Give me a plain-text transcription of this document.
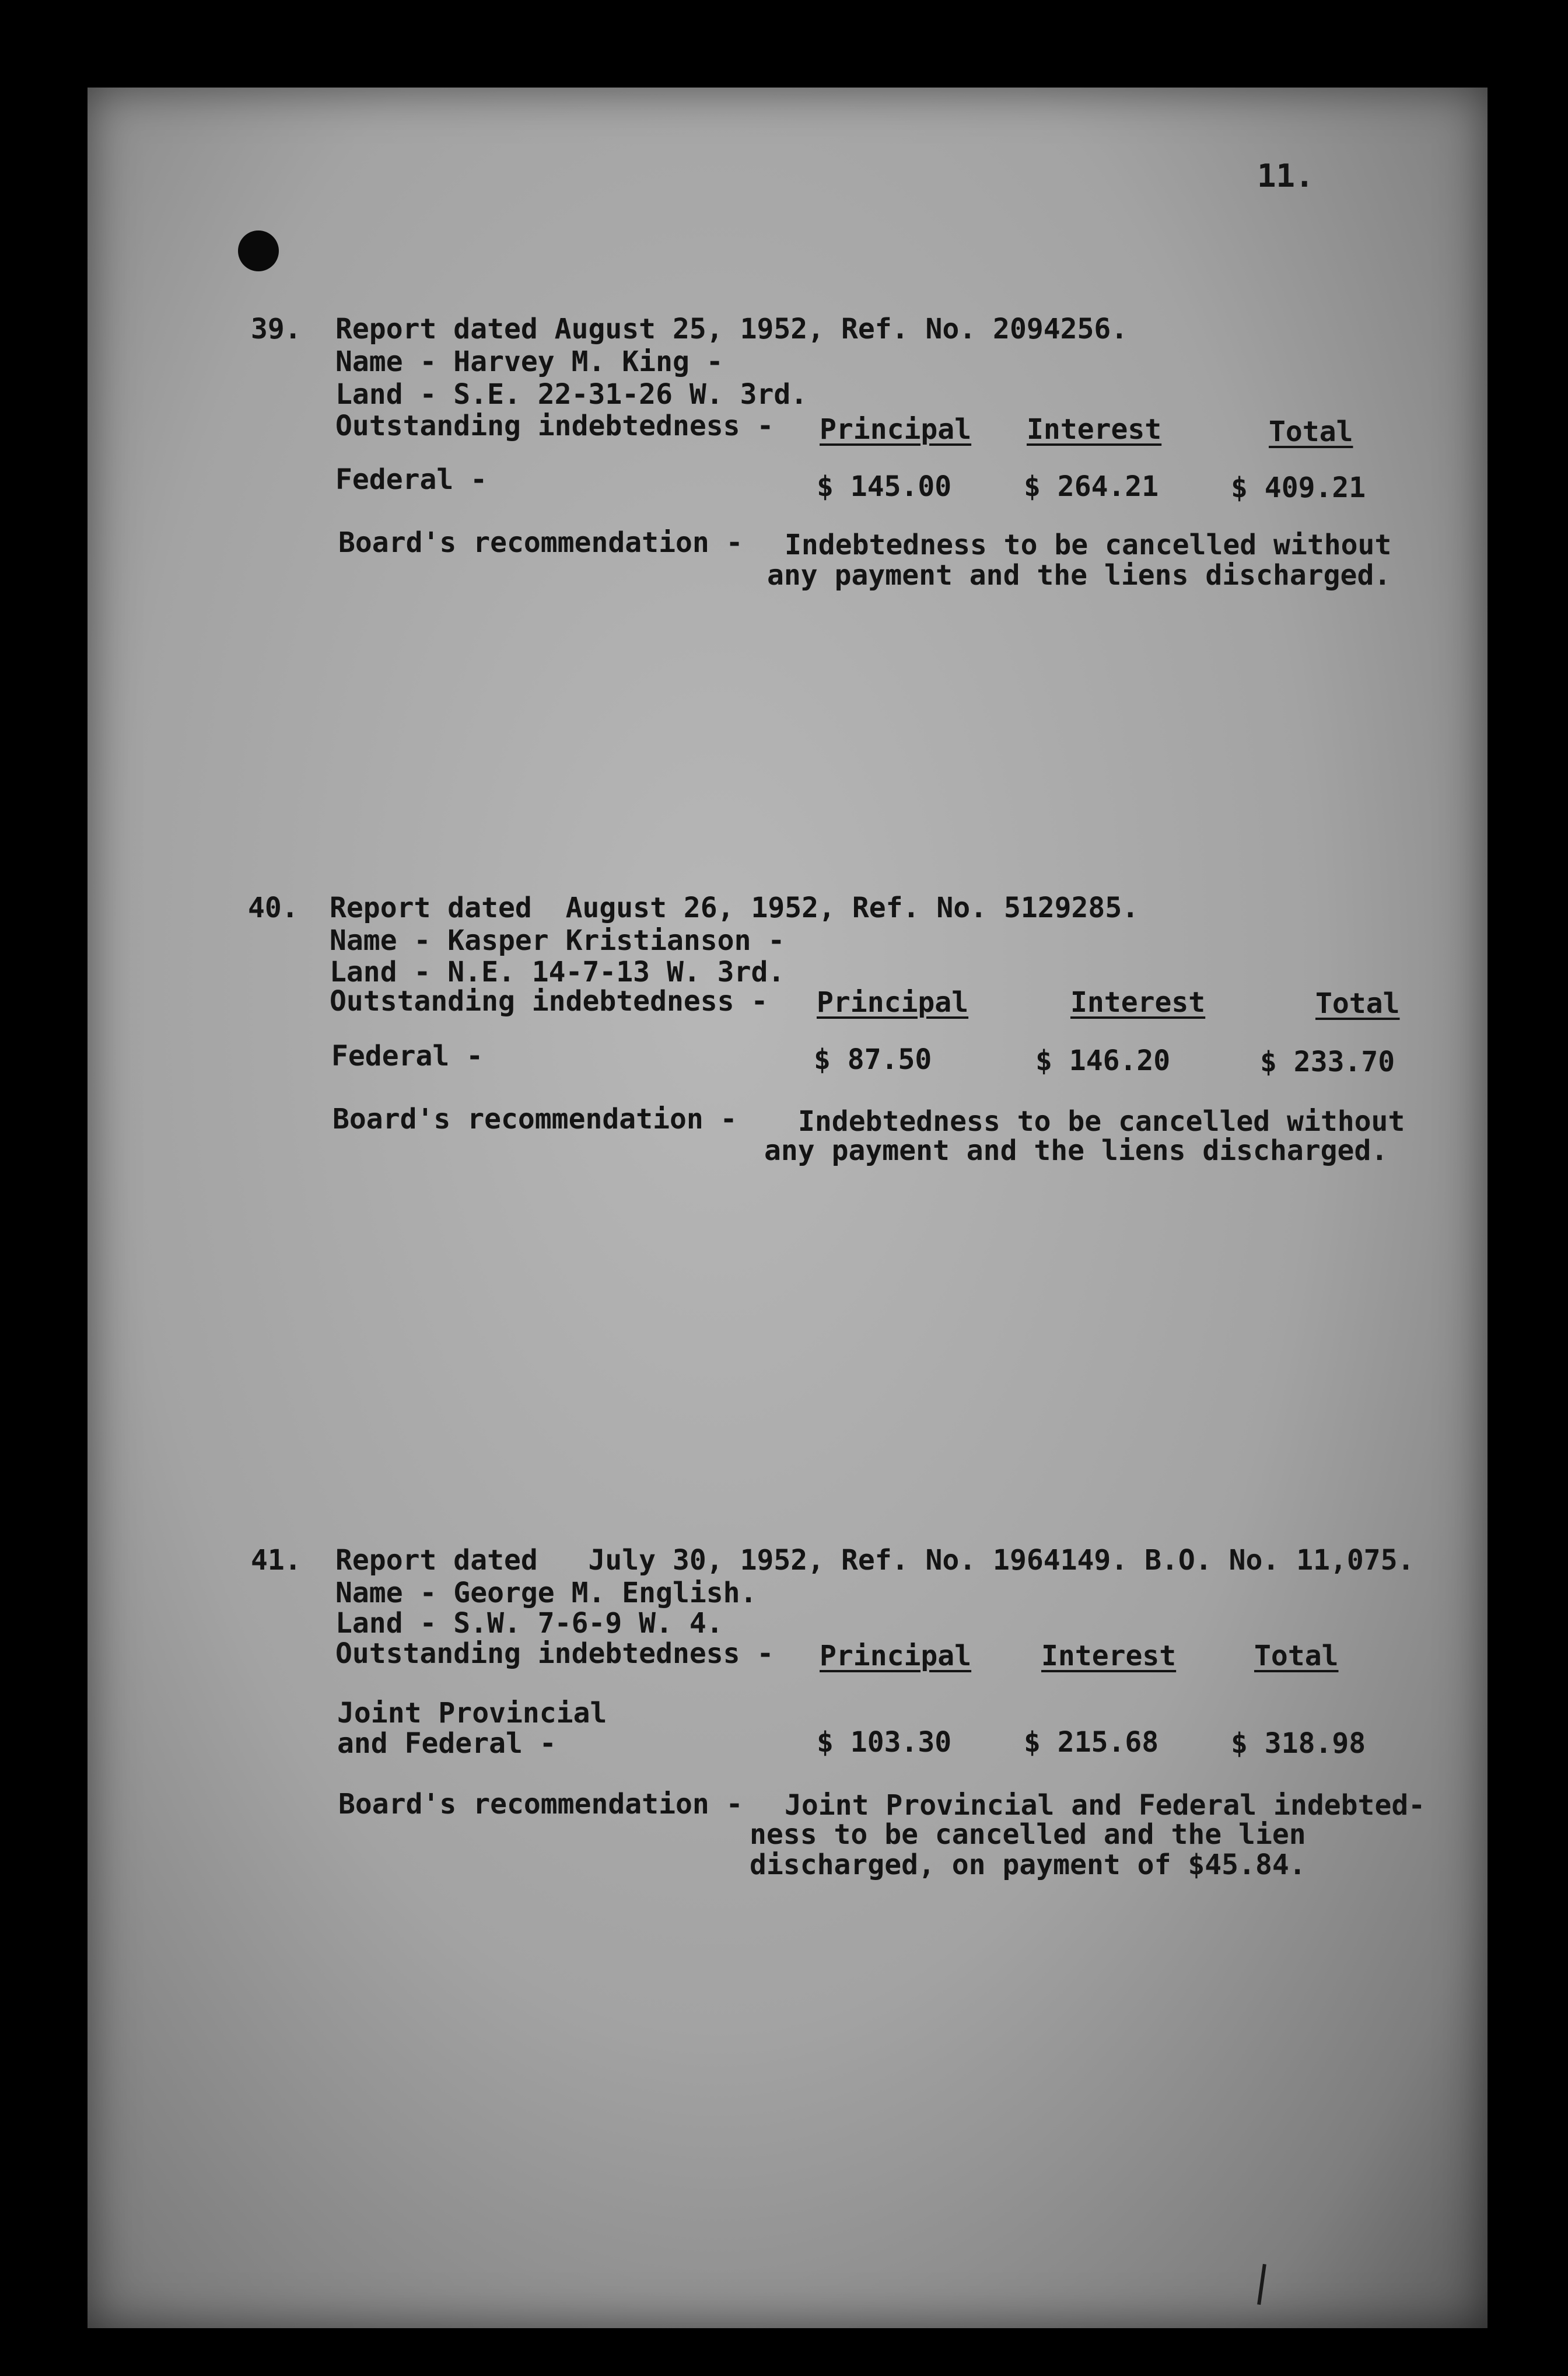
11.
39. Report dated August 25, 1952, Ref. No. 2094256.
Name - Harvey M. King -
Land - S.E. 22-31-26 W. 3rd.
Outstanding indebtedness - Principal Interest	Total
Federal -	$ 145.00	$ 264.21	$ 409.21
Board's recommendation - Indebtedness to be cancelled without
any payment and the liens discharged.
40. Report dated  August 26, 1952, Ref. No. 5129285.
Name - Kasper Kristianson -
Land - N.E. 14-7-13 W. 3rd.
Outstanding indebtedness - Principal	Interest	Total
Federal -	$ 87.50	$ 146.20	$ 233.70
Board's recommendation - Indebtedness to be cancelled without
any payment and the liens discharged.
41. Report dated   July 30, 1952, Ref. No. 1964149. B.O. No. 11,075.
Name - George M. English.
Land - S.W. 7-6-9 W. 4.
Outstanding indebtedness - Principal Interest	Total
Joint Provincial
and Federal -	$ 103.30	$ 215.68	$ 318.98
Board's recommendation - Joint Provincial and Federal indebted-
ness to be cancelled and the lien
discharged, on payment of $45.84.
